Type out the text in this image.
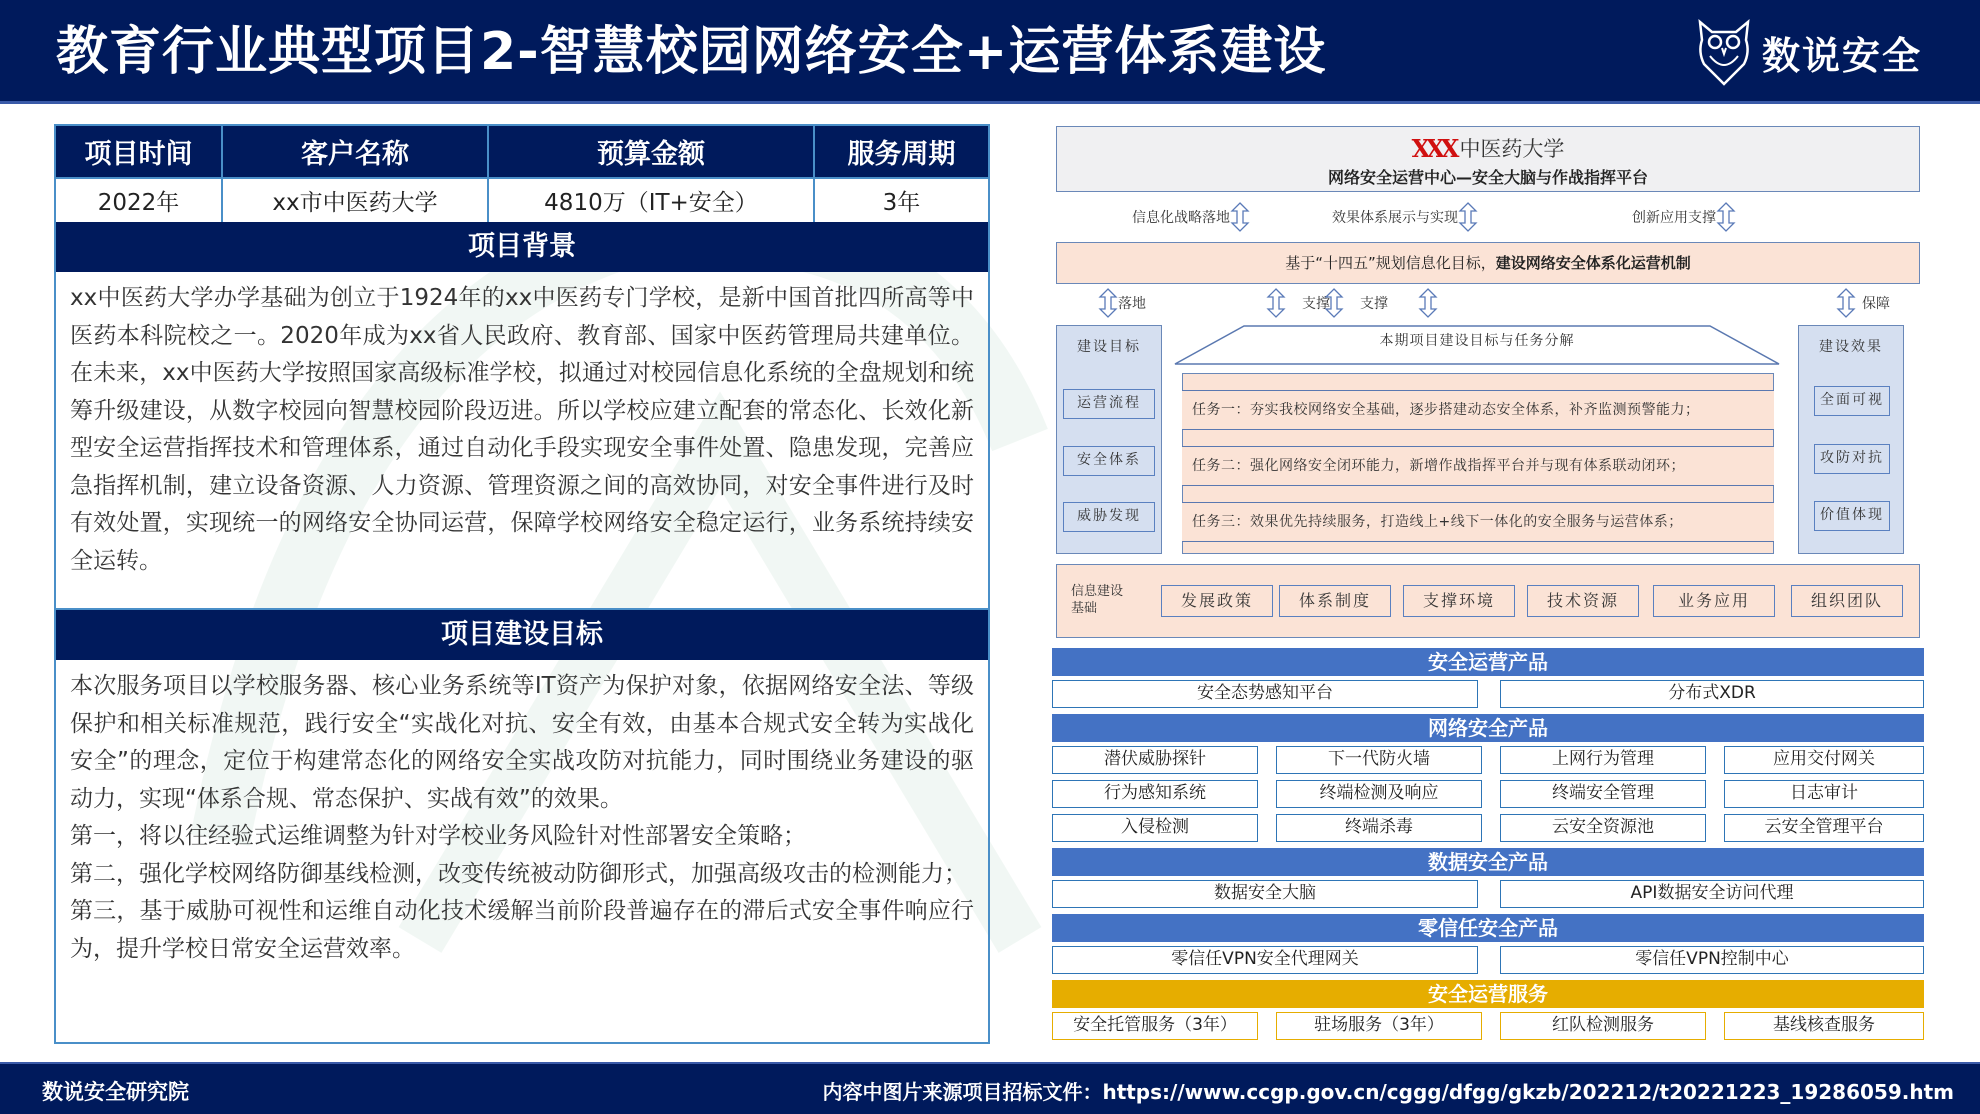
教育行业典型项目2-智慧校园网络安全+运营体系建设	数说安全
项目时间	客户名称	预算金额	服务周期
2022年	xx市中医药大学	4810万（IT+安全）	3年
项目背景
xx中医药大学办学基础为创立于1924年的xx中医药专门学校，是新中国首批四所高等中医药本科院校之一。2020年成为xx省人民政府、教育部、国家中医药管理局共建单位。在未来，xx中医药大学按照国家高级标准学校，拟通过对校园信息化系统的全盘规划和统筹升级建设，从数字校园向智慧校园阶段迈进。所以学校应建立配套的常态化、长效化新型安全运营指挥技术和管理体系，通过自动化手段实现安全事件处置、隐患发现，完善应急指挥机制，建立设备资源、人力资源、管理资源之间的高效协同，对安全事件进行及时有效处置，实现统一的网络安全协同运营，保障学校网络安全稳定运行，业务系统持续安全运转。
项目建设目标

本次服务项目以学校服务器、核心业务系统等IT资产为保护对象，依据网络安全法、等级保护和相关标准规范，践行安全“实战化对抗、安全有效，由基本合规式安全转为实战化安全”的理念，定位于构建常态化的网络安全实战攻防对抗能力，同时围绕业务建设的驱动力，实现“体系合规、常态保护、实战有效”的效果。

第一，将以往经验式运维调整为针对学校业务风险针对性部署安全策略；

第二，强化学校网络防御基线检测，改变传统被动防御形式，加强高级攻击的检测能力；

第三，基于威胁可视性和运维自动化技术缓解当前阶段普遍存在的滞后式安全事件响应行为，提升学校日常安全运营效率。

XXX 中医药大学
网络安全运营中心—安全大脑与作战指挥平台
信息化战略落地	效果体系展示与实现	创新应用支撑
基于“十四五”规划信息化目标，建设网络安全体系化运营机制
落地	支撑 支撑	保障
建设目标
运营流程
安全体系
威胁发现
本期项目建设目标与任务分解
任务一：夯实我校网络安全基础，逐步搭建动态安全体系，补齐监测预警能力；
任务二：强化网络安全闭环能力，新增作战指挥平台并与现有体系联动闭环；
任务三：效果优先持续服务，打造线上+线下一体化的安全服务与运营体系；
建设效果
全面可视
攻防对抗
价值体现
信息建设基础	发展政策	体系制度	支撑环境	技术资源	业务应用	组织团队
安全运营产品
安全态势感知平台	分布式XDR
网络安全产品
潜伏威胁探针	下一代防火墙	上网行为管理	应用交付网关
行为感知系统	终端检测及响应	终端安全管理	日志审计
入侵检测	终端杀毒	云安全资源池	云安全管理平台
数据安全产品
数据安全大脑	API数据安全访问代理
零信任安全产品
零信任VPN安全代理网关	零信任VPN控制中心
安全运营服务
安全托管服务（3年）	驻场服务（3年）	红队检测服务	基线核查服务
数说安全研究院	内容中图片来源项目招标文件：https://www.ccgp.gov.cn/cggg/dfgg/gkzb/202212/t20221223_19286059.htm
